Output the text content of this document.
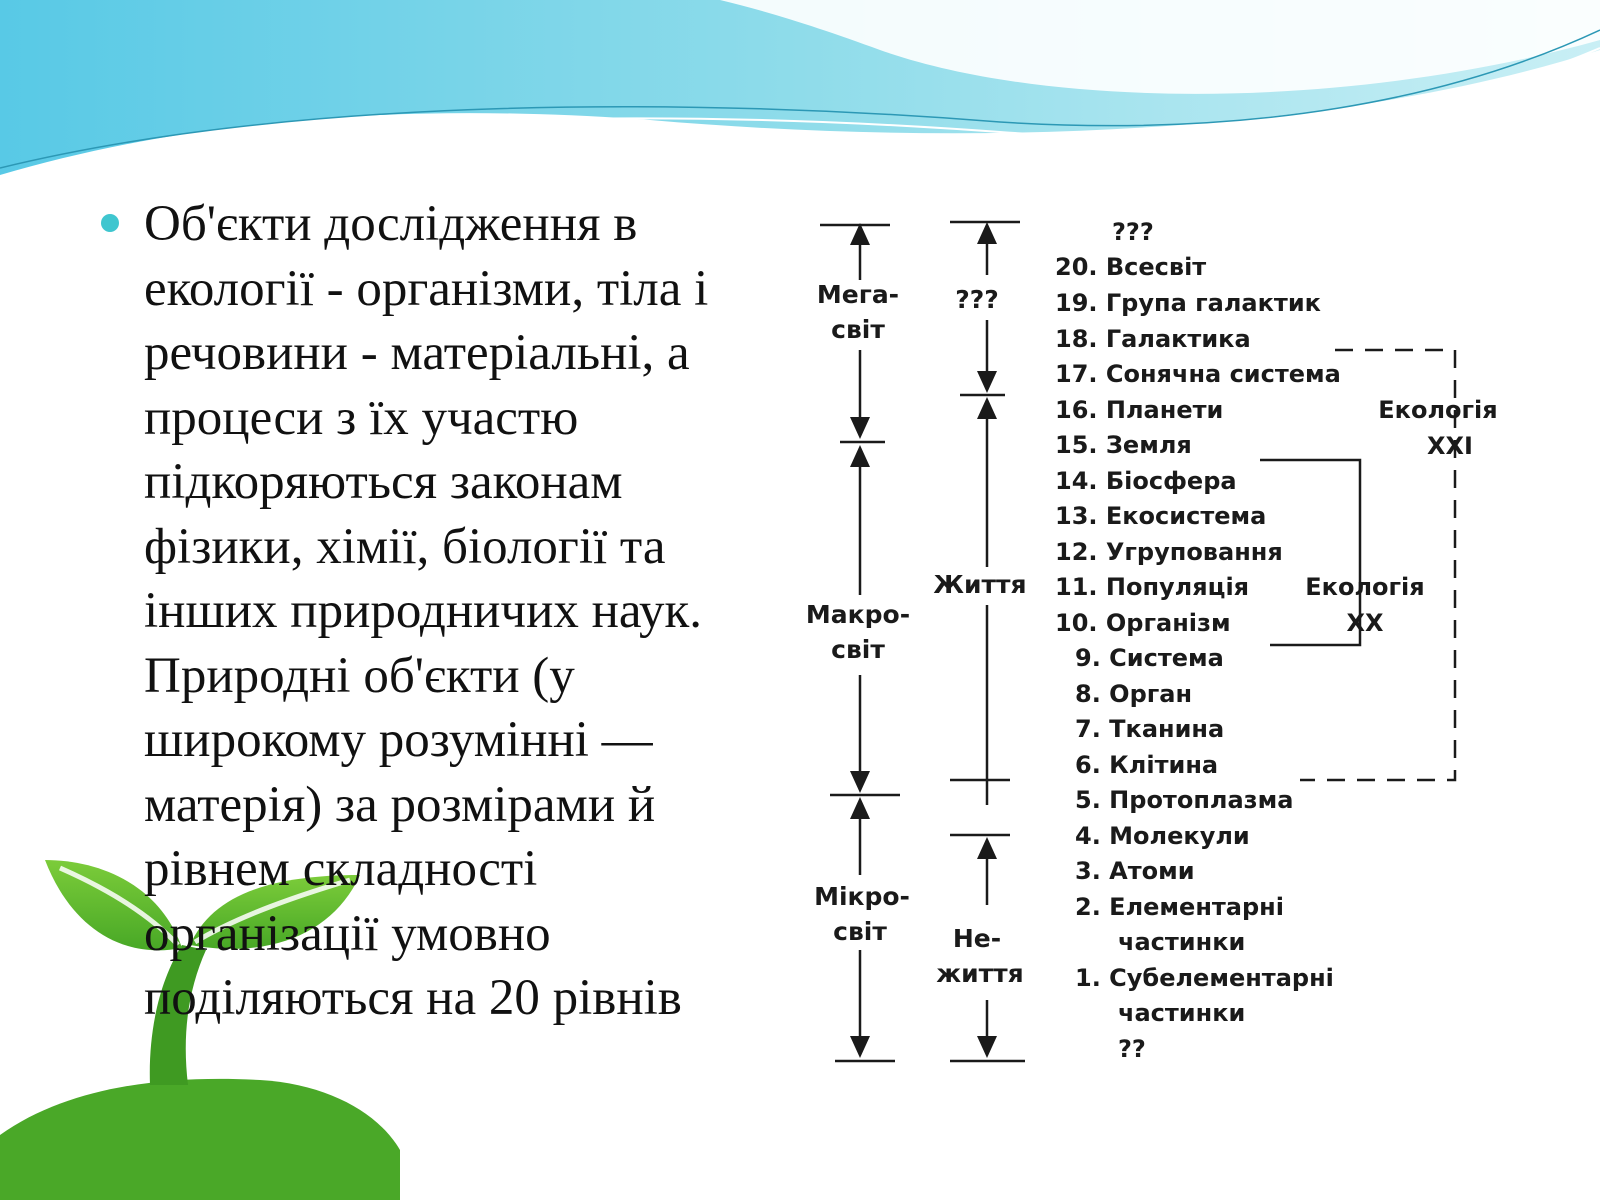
Об'єкти дослідження в екології - організми, тіла і речовини - матеріальні, а процеси з їх участю підкоряються законам фізики, хімії, біології та інших природничих наук. Природні об'єкти (у широкому розумінні — матерія) за розмірами й рівнем складності організації умовно поділяються на 20 рівнів

Мега-
світ
Макро-
світ
Мікро-
світ
???
Життя
Не-
життя
???
20. Всесвіт
19. Група галактик
18. Галактика
17. Сонячна система
16. Планети
15. Земля
14. Біосфера
13. Екосистема
12. Угруповання
11. Популяція
10. Організм
9. Система
8. Орган
7. Тканина
6. Клітина
5. Протоплазма
4. Молекули
3. Атоми
2. Елементарні
частинки
1. Субелементарні
частинки
??
Екологія
XXI
Екологія
XX
